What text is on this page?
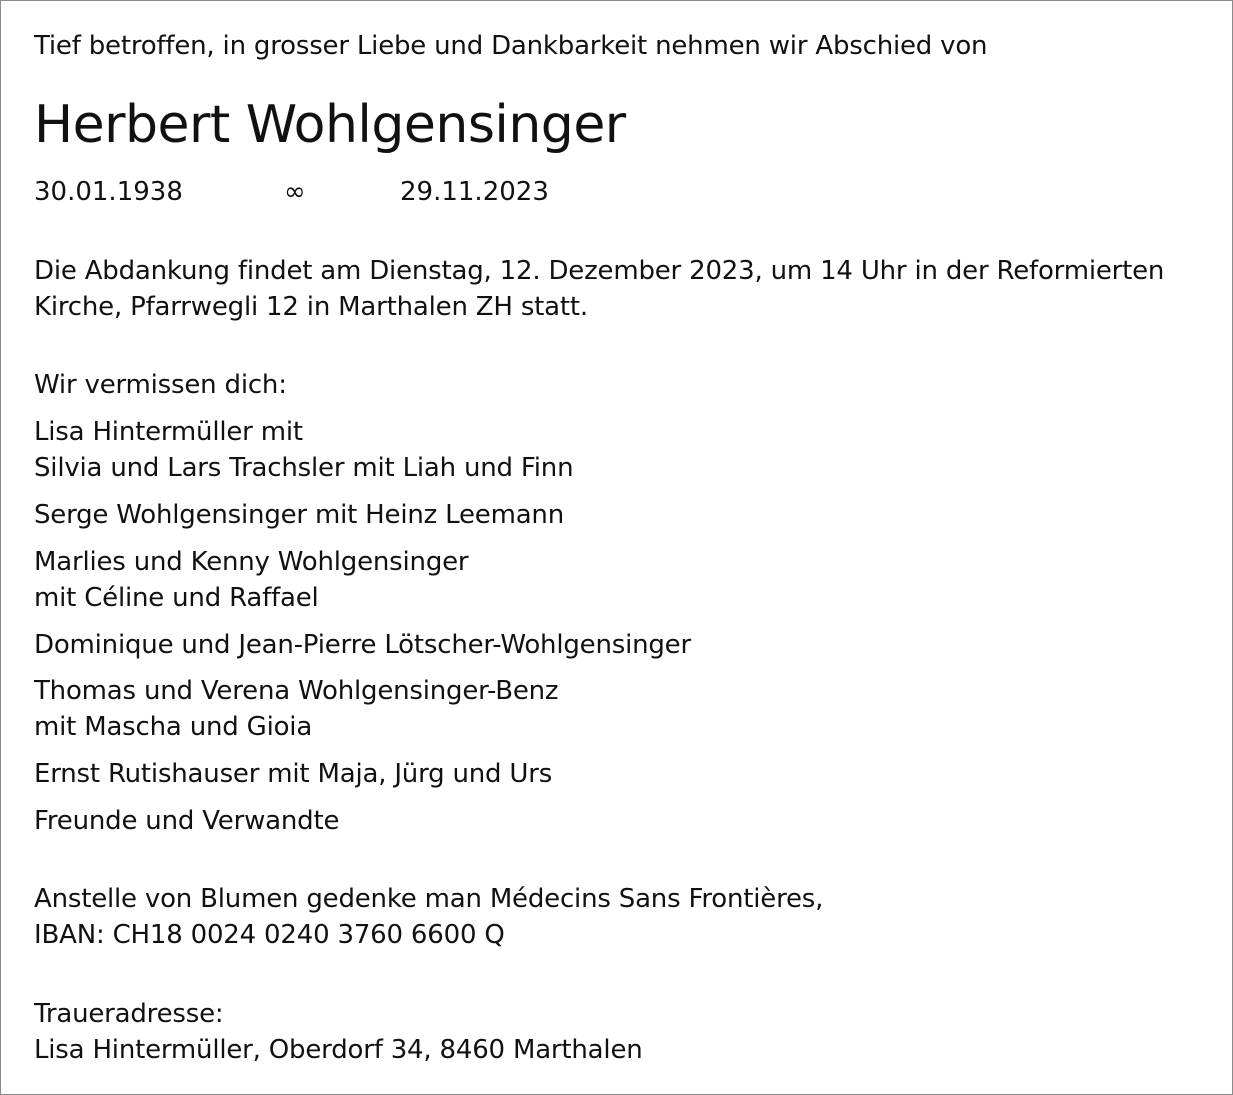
Tief betroffen, in grosser Liebe und Dankbarkeit nehmen wir Abschied von
Herbert Wohlgensinger
30.01.1938	∞	29.11.2023
Die Abdankung findet am Dienstag, 12. Dezember 2023, um 14 Uhr in der Reformierten
Kirche, Pfarrwegli 12 in Marthalen ZH statt.
Wir vermissen dich:
Lisa Hintermüller mit
Silvia und Lars Trachsler mit Liah und Finn
Serge Wohlgensinger mit Heinz Leemann
Marlies und Kenny Wohlgensinger
mit Céline und Raffael
Dominique und Jean-Pierre Lötscher-Wohlgensinger
Thomas und Verena Wohlgensinger-Benz
mit Mascha und Gioia
Ernst Rutishauser mit Maja, Jürg und Urs
Freunde und Verwandte
Anstelle von Blumen gedenke man Médecins Sans Frontières,
IBAN: CH18 0024 0240 3760 6600 Q
Traueradresse:
Lisa Hintermüller, Oberdorf 34, 8460 Marthalen
